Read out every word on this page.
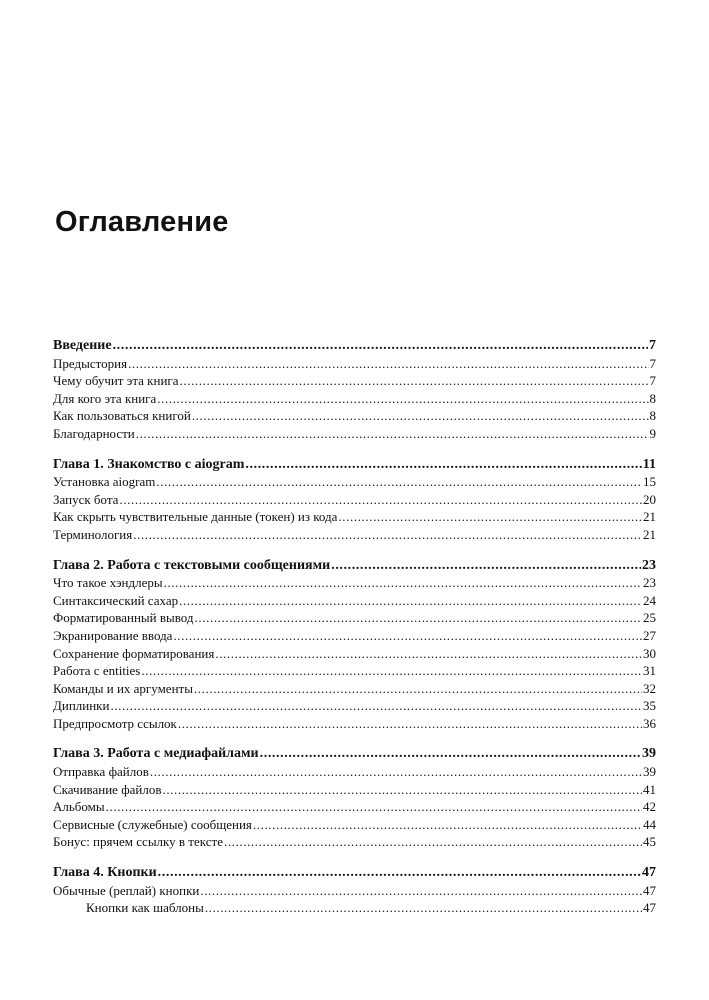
Оглавление
Введение .....	7
Предыстория .....	7
Чему обучит эта книга .....	7
Для кого эта книга .....	8
Как пользоваться книгой .....	8
Благодарности .....	9
Глава 1. Знакомство с aiogram .....	11
Установка aiogram .....	15
Запуск бота .....	20
Как скрыть чувствительные данные (токен) из кода .....	21
Терминология .....	21
Глава 2. Работа с текстовыми сообщениями .....	23
Что такое хэндлеры .....	23
Синтаксический сахар .....	24
Форматированный вывод .....	25
Экранирование ввода .....	27
Сохранение форматирования .....	30
Работа с entities .....	31
Команды и их аргументы .....	32
Диплинки .....	35
Предпросмотр ссылок .....	36
Глава 3. Работа с медиафайлами .....	39
Отправка файлов .....	39
Скачивание файлов .....	41
Альбомы .....	42
Сервисные (служебные) сообщения .....	44
Бонус: прячем ссылку в тексте .....	45
Глава 4. Кнопки .....	47
Обычные (реплай) кнопки .....	47
Кнопки как шаблоны .....	47
